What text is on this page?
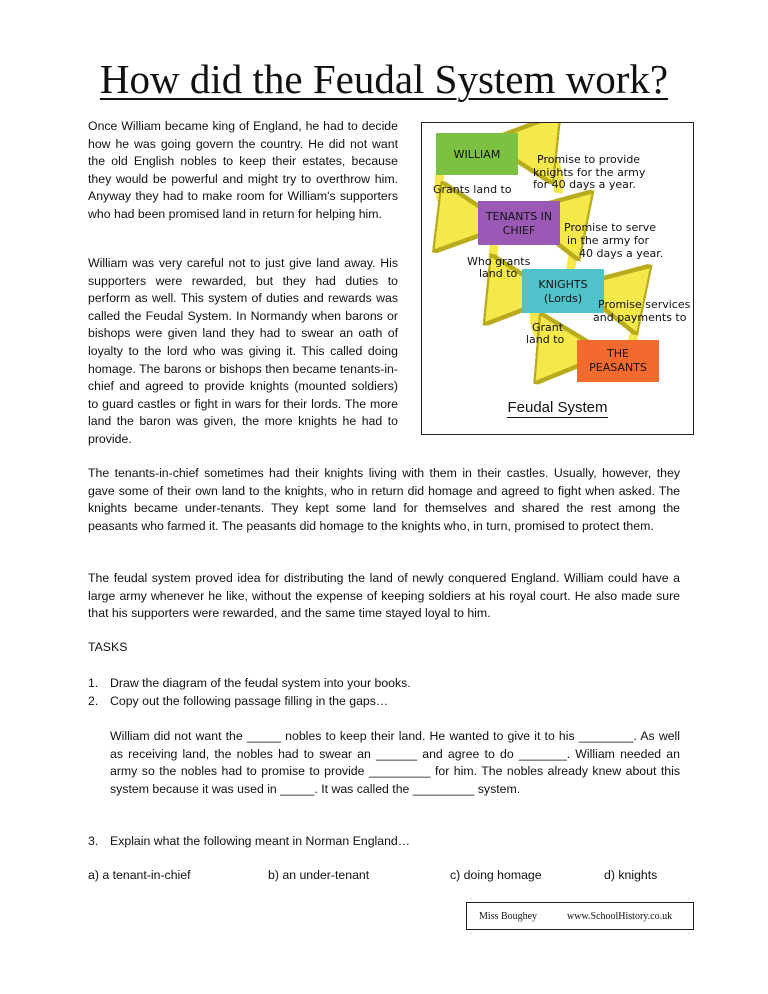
How did the Feudal System work?
Once William became king of England, he had to decide how he was going govern the country. He did not want the old English nobles to keep their estates, because they would be powerful and might try to overthrow him. Anyway they had to make room for William's supporters who had been promised land in return for helping him.
William was very careful not to just give land away. His supporters were rewarded, but they had duties to perform as well. This system of duties and rewards was called the Feudal System. In Normandy when barons or bishops were given land they had to swear an oath of loyalty to the lord who was giving it. This called doing homage. The barons or bishops then became tenants-in-chief and agreed to provide knights (mounted soldiers) to guard castles or fight in wars for their lords. The more land the baron was given, the more knights he had to provide.
WILLIAM
TENANTS IN
CHIEF
KNIGHTS
(Lords)
THE
PEASANTS
Grants land to
Promise to provide
knights for the army
for 40 days a year.
Who grants
land to
Promise to serve
in the army for
40 days a year.
Promise services
and payments to
Grant
land to
Feudal System
The tenants-in-chief sometimes had their knights living with them in their castles. Usually, however, they gave some of their own land to the knights, who in return did homage and agreed to fight when asked. The knights became under-tenants. They kept some land for themselves and shared the rest among the peasants who farmed it. The peasants did homage to the knights who, in turn, promised to protect them.
The feudal system proved idea for distributing the land of newly conquered England. William could have a large army whenever he like, without the expense of keeping soldiers at his royal court. He also made sure that his supporters were rewarded, and the same time stayed loyal to him.
TASKS
1. Draw the diagram of the feudal system into your books.
2. Copy out the following passage filling in the gaps…
William did not want the _____ nobles to keep their land. He wanted to give it to his ________. As well as receiving land, the nobles had to swear an ______ and agree to do _______. William needed an army so the nobles had to promise to provide _________ for him. The nobles already knew about this system because it was used in _____. It was called the _________ system.
3. Explain what the following meant in Norman England…
a) a tenant-in-chief	b) an under-tenant	c) doing homage	d) knights
Miss Boughey	www.SchoolHistory.co.uk
